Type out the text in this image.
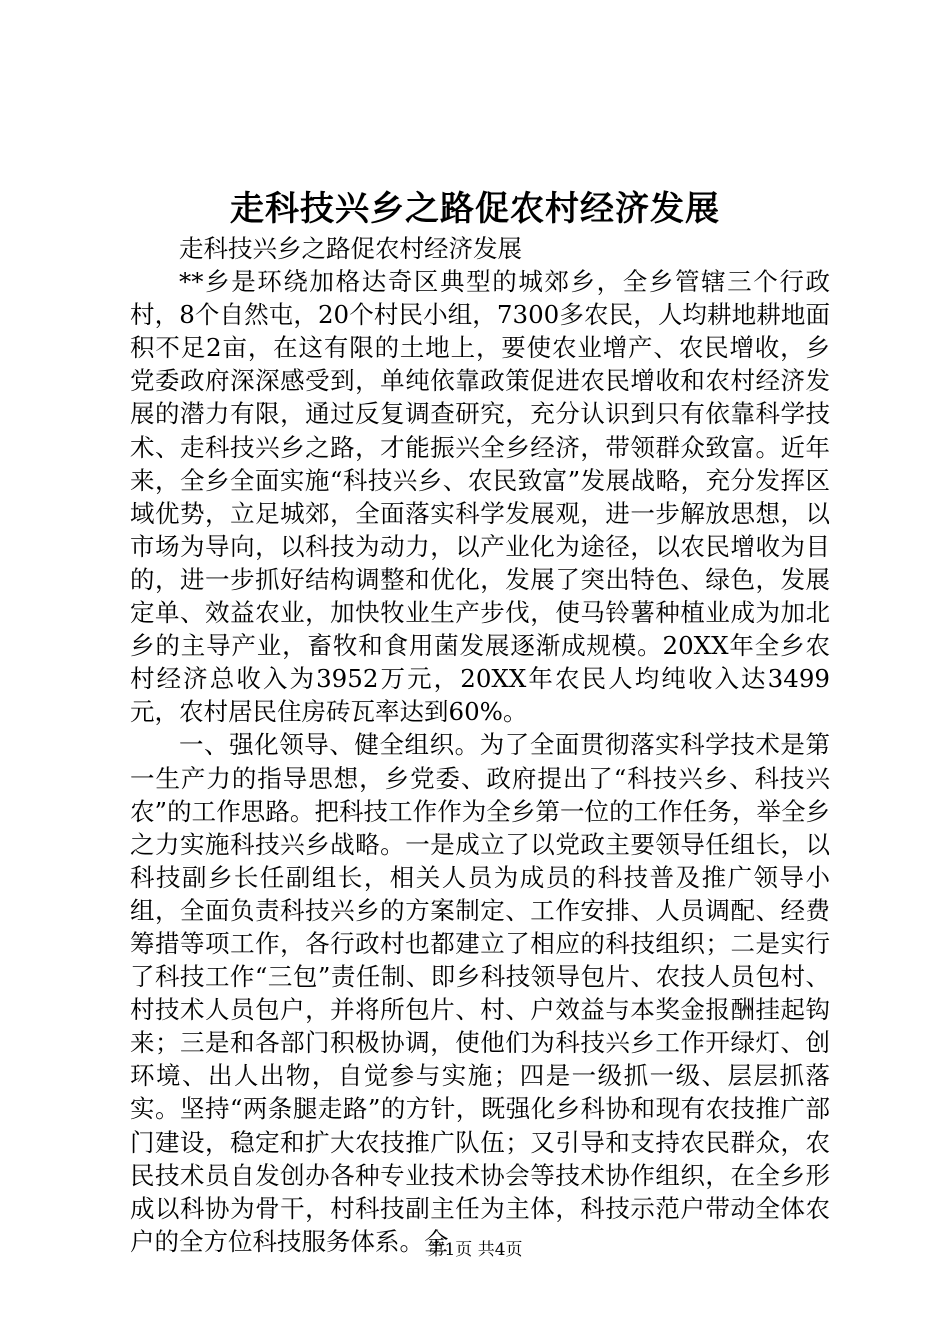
走科技兴乡之路促农村经济发展

走科技兴乡之路促农村经济发展

**乡是环绕加格达奇区典型的城郊乡，全乡管辖三个行政村，8个自然屯，20个村民小组，7300多农民，人均耕地耕地面积不足2亩，在这有限的土地上，要使农业增产、农民增收，乡党委政府深深感受到，单纯依靠政策促进农民增收和农村经济发展的潜力有限，通过反复调查研究，充分认识到只有依靠科学技术、走科技兴乡之路，才能振兴全乡经济，带领群众致富。近年来，全乡全面实施“科技兴乡、农民致富”发展战略，充分发挥区域优势，立足城郊，全面落实科学发展观，进一步解放思想，以市场为导向，以科技为动力，以产业化为途径，以农民增收为目的，进一步抓好结构调整和优化，发展了突出特色、绿色，发展定单、效益农业，加快牧业生产步伐，使马铃薯种植业成为加北乡的主导产业，畜牧和食用菌发展逐渐成规模。20XX年全乡农村经济总收入为3952万元，20XX年农民人均纯收入达3499元，农村居民住房砖瓦率达到60%。

一、强化领导、健全组织。为了全面贯彻落实科学技术是第一生产力的指导思想，乡党委、政府提出了“科技兴乡、科技兴农”的工作思路。把科技工作作为全乡第一位的工作任务，举全乡之力实施科技兴乡战略。一是成立了以党政主要领导任组长，以科技副乡长任副组长，相关人员为成员的科技普及推广领导小组，全面负责科技兴乡的方案制定、工作安排、人员调配、经费筹措等项工作，各行政村也都建立了相应的科技组织；二是实行了科技工作“三包”责任制、即乡科技领导包片、农技人员包村、村技术人员包户，并将所包片、村、户效益与本奖金报酬挂起钩来；三是和各部门积极协调，使他们为科技兴乡工作开绿灯、创环境、出人出物，自觉参与实施；四是一级抓一级、层层抓落实。坚持“两条腿走路”的方针，既强化乡科协和现有农技推广部门建设，稳定和扩大农技推广队伍；又引导和支持农民群众，农民技术员自发创办各种专业技术协会等技术协作组织，在全乡形成以科协为骨干，村科技副主任为主体，科技示范户带动全体农户的全方位科技服务体系。全

第1页 共4页
